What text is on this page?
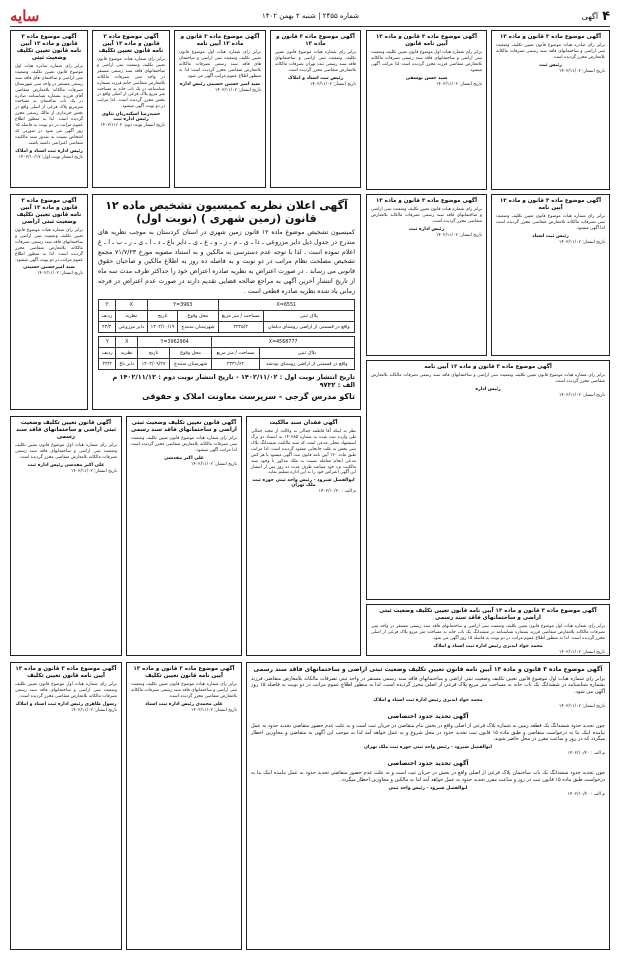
سایه	شماره ۲۴۵۵ | شنبه ۲ بهمن ۱۴۰۲	آگهی ۴
آگهی موضوع ماده ۳ قانون و ماده ۱۳ آیین نامه قانون تعیین تکلیف وضعیت ثبتی

برابر رای شماره صادره هیات اول موضوع قانون تعیین تکلیف وضعیت ثبتی اراضی و ساختمان های فاقد سند رسمی مستقر در واحد ثبتی شهرستان تصرفات مالکانه بلامعارض متقاضی آقای فرزند بشماره شناسنامه صادره در یک باب ساختمان به مساحت مترمربع پلاک فرعی از اصلی واقع در بخش خریداری از مالک رسمی محرز گردیده است. لذا به منظور اطلاع عموم مراتب در دو نوبت به فاصله ۱۵ روز آگهی می شود در صورتی که اشخاص نسبت به صدور سند مالکیت متقاضی اعتراضی داشته باشند.

رئیس اداره ثبت اسناد و املاک
تاریخ انتشار نوبت اول: ۱۴۰۲/۱۰/۱۷
آگهی موضوع ماده ۳ قانون و ماده ۱۳ آیین نامه قانون تعیین تکلیف

برابر رای شماره هیات موضوع قانون تعیین تکلیف وضعیت ثبتی اراضی و ساختمانهای فاقد سند رسمی مستقر در واحد ثبتی تصرفات مالکانه بلامعارض متقاضی خانم فرزند بشماره شناسنامه در یک باب خانه به مساحت متر مربع پلاک فرعی از اصلی واقع در بخش محرز گردیده است. لذا مراتب در دو نوبت آگهی میشود.

حمیدرضا اسکندریان تناوی رئیس اداره ثبت
تاریخ انتشار نوبت دوم: ۱۴۰۲/۱۱/۰۲
آگهی موضوع ماده ۳ قانون و ماده ۱۳ آیین نامه

برابر رای شماره هیات اول موضوع قانون تعیین تکلیف وضعیت ثبتی اراضی و ساختمان های فاقد سند رسمی تصرفات مالکانه بلامعارض متقاضی محرز گردیده است لذا به منظور اطلاع عموم مراتب آگهی می شود.

سید امیر حسین حسینی رئیس اداره
تاریخ انتشار: ۱۴۰۲/۱۱/۰۲
آگهی موضوع ماده ۳ قانون و ماده ۱۳

برابر رای شماره هیات موضوع قانون تعیین تکلیف وضعیت ثبتی اراضی و ساختمانهای فاقد سند رسمی ثبت تهران تصرفات مالکانه بلامعارض متقاضی محرز گردیده است.

رئیس ثبت اسناد و املاک
تاریخ انتشار: ۱۴۰۲/۱۱/۰۲
آگهی موضوع ماده ۳ قانون و ماده ۱۳ آیین نامه قانون

برابر رای شماره هیات اول موضوع قانون تعیین تکلیف وضعیت ثبتی اراضی و ساختمانهای فاقد سند رسمی تصرفات مالکانه بلامعارض متقاضی فرزند محرز گردیده است لذا مراتب آگهی میشود.

سید حسن یوسفی
تاریخ انتشار: ۱۴۰۲/۱۱/۰۲
آگهی موضوع ماده ۳ قانون و ماده ۱۳

برابر رای صادره هیات موضوع قانون تعیین تکلیف وضعیت ثبتی اراضی و ساختمانهای فاقد سند رسمی تصرفات مالکانه بلامعارض محرز گردیده است.

رئیس ثبت
تاریخ انتشار: ۱۴۰۲/۱۱/۰۲
آگهی موضوع ماده ۳ قانون و ماده ۱۳

برابر رای شماره هیات قانون تعیین تکلیف وضعیت ثبتی اراضی و ساختمانهای فاقد سند رسمی تصرفات مالکانه بلامعارض متقاضی محرز گردیده است.

رئیس اداره ثبت
تاریخ انتشار: ۱۴۰۲/۱۱/۰۲
آگهی موضوع ماده ۳ قانون و ماده ۱۳ آیین نامه

برابر رای شماره هیات موضوع قانون تعیین تکلیف وضعیت ثبتی تصرفات مالکانه بلامعارض متقاضی محرز گردیده است لذا آگهی میشود.

رئیس ثبت اسناد
تاریخ انتشار: ۱۴۰۲/۱۱/۰۲
آگهی موضوع ماده ۳ قانون و ماده ۱۳ آیین نامه

برابر رای شماره هیات موضوع قانون تعیین تکلیف وضعیت ثبتی اراضی و ساختمانهای فاقد سند رسمی تصرفات مالکانه بلامعارض متقاضی محرز گردیده است.

رئیس اداره
تاریخ انتشار: ۱۴۰۲/۱۱/۰۲
آگهی موضوع ماده ۳ قانون و ماده ۱۳ آیین نامه قانون تعیین تکلیف وضعیت ثبتی اراضی و ساختمانهای فاقد سند رسمی

برابر رای شماره هیات اول موضوع قانون تعیین تکلیف وضعیت ثبتی اراضی و ساختمانهای فاقد سند رسمی مستقر در واحد ثبتی تصرفات مالکانه بلامعارض متقاضی فرزند بشماره شناسنامه در ششدانگ یک باب خانه به مساحت متر مربع پلاک فرعی از اصلی محرز گردیده است. لذا به منظور اطلاع عموم مراتب در دو نوبت به فاصله ۱۵ روز آگهی می شود.

محمد جواد ابدیری رئیس اداره ثبت اسناد و املاک
تاریخ انتشار: ۱۴۰۲/۱۱/۰۲
آگهی اعلان نظریه کمیسیون تشخیص ماده ۱۲ قانون (زمین شهری ) (نوبت اول)

کمیسیون تشخیص موضوع ماده ۱۲ قانون زمین شهری در استان کردستان به موجب نظریه های مندرج در جدول ذیل دایر مزروعی ـ دا ـ ی ـ م ـ ز ـ و ـ ع ـ ی ـ دایر باغ ـ د ـ ا ـ ی ـ ر ـ ب ـ ا ـ غ اعلام نموده است . لذا با توجه عدم دسترسی به مالکین و به استناد مصوبه مورخ ۷۱/۷/۲۳ مجمع تشخیص مصلحت نظام مراتب در دو نوبت و به فاصله ده روز به اطلاع مالکین و صاحبان حقوق قانونی می رساند . در صورت اعتراض به نظریه صادره اعتراض خود را حداکثر ظرف مدت سه ماه از تاریخ انتشار آخرین آگهی به مراجع صالحه قضایی تقدیم دارند در صورت عدم اعتراض در فرجه زمانی یاد شده نظریه صادره قطعی است .

X=6551		Y=3963		X	Y
پلاک ثبتی	مساحت / متر مربع	محل وقوع	تاریخ	نظریه	ردیف
واقع در قسمتی از اراضی روستای دیلمان	۴۳۲۵/۲	شهرستان سنندج	۱۴۰۲/۱۰/۱۹	دایر مزروعی	۴۳/۴
X=4568777		Y=3962964		X	Y
پلاک ثبتی	مساحت / متر مربع	محل وقوع	تاریخ	نظریه	ردیف
واقع در قسمتی از اراضی روستای نودشه	۲۳۳۱/۶۴	شهرستان سنندج	۱۴۰۲/۰۹/۲۷	دایر باغ	۴۳/۴
تاریخ انتشار نوبت اول : ۱۴۰۲/۱۱/۰۲ - تاریخ انتشار نوبت دوم : ۱۴۰۲/۱۱/۱۲ م الف : ۹۷۳۲
تاکو مدرس گرجی - سرپرست معاونت املاک و حقوقی
آگهی موضوع ماده ۳ قانون و ماده ۱۳ آیین نامه قانون تعیین تکلیف وضعیت ثبتی اراضی

برابر رای شماره هیات موضوع قانون تعیین تکلیف وضعیت ثبتی اراضی و ساختمانهای فاقد سند رسمی تصرفات مالکانه بلامعارض متقاضی محرز گردیده است. لذا به منظور اطلاع عموم مراتب در دو نوبت آگهی میشود.

سید امیرحسین حسینی
تاریخ انتشار: ۱۴۰۲/۱۱/۰۲
آگهی قانون تعیین تکلیف وضعیت ثبتی اراضی و ساختمانهای فاقد سند رسمی

برابر رای شماره هیات اول موضوع قانون تعیین تکلیف وضعیت ثبتی اراضی و ساختمانهای فاقد سند رسمی تصرفات مالکانه بلامعارض متقاضی محرز گردیده است.

علی اکبر مقدسی رئیس اداره ثبت
تاریخ انتشار: ۱۴۰۲/۱۱/۰۲
آگهی قانون تعیین تکلیف وضعیت ثبتی اراضی و ساختمانهای فاقد سند رسمی

برابر رای شماره هیات موضوع قانون تعیین تکلیف وضعیت ثبتی تصرفات مالکانه بلامعارض متقاضی محرز گردیده است لذا مراتب آگهی میشود.

علی اکبر مقدسی
تاریخ انتشار: ۱۴۰۲/۱۱/۰۲
آگهی فقدان سند مالکیت

نظر به اینکه آقا فاطمه جمالی به وکالت از مجید جمالی طی وارده ثبت شده به شماره ۱۴۰۲۸۵ به استناد دو برگ استشهاد محلی مدعی است که سند مالکیت ششدانگ پلاک ثبتی بخش به علت جابجایی مفقود گردیده است. لذا مراتب طبق ماده ۱۲۰ آیین نامه قانون ثبت آگهی میشود تا هر کس مدعی انجام معامله نسبت به ملک مذکور یا وجود سند مالکیت نزد خود میباشد ظرف مدت ده روز پس از انتشار این آگهی اعتراض خود را به این اداره تسلیم نماید.

ابوالفضل شیرود - رئیس واحد ثبتی حوزه ثبت ملک تهران
م الف : ۱۴۰۲/۱۰/۲۰
آگهی موضوع ماده ۳ قانون و ماده ۱۳ آیین نامه قانون تعیین تکلیف

برابر رای شماره هیات اول موضوع قانون تعیین تکلیف وضعیت ثبتی اراضی و ساختمانهای فاقد سند رسمی تصرفات مالکانه بلامعارض متقاضی محرز گردیده است.

رسول ظاهری رئیس اداره ثبت اسناد و املاک
تاریخ انتشار: ۱۴۰۲/۱۱/۰۲
آگهی موضوع ماده ۳ قانون و ماده ۱۳ آیین نامه قانون تعیین تکلیف

برابر رای شماره هیات موضوع قانون تعیین تکلیف وضعیت ثبتی اراضی و ساختمانهای فاقد سند رسمی تصرفات مالکانه بلامعارض متقاضی محرز گردیده است.

علی محمدی رئیس اداره ثبت اسناد
تاریخ انتشار: ۱۴۰۲/۱۱/۰۲
آگهی موضوع ماده ۳ قانون و ماده ۱۳ آیین نامه قانون تعیین تکلیف وضعیت ثبتی اراضی و ساختمانهای فاقد سند رسمی

برابر رای شماره هیات اول موضوع قانون تعیین تکلیف وضعیت ثبتی اراضی و ساختمانهای فاقد سند رسمی مستقر در واحد ثبتی تصرفات مالکانه بلامعارض متقاضی فرزند بشماره شناسنامه در ششدانگ یک باب خانه به مساحت متر مربع پلاک فرعی از اصلی محرز گردیده است. لذا به منظور اطلاع عموم مراتب در دو نوبت به فاصله ۱۵ روز آگهی می شود.

محمد جواد ابدیری رئیس اداره ثبت اسناد و املاک
تاریخ انتشار: ۱۴۰۲/۱۱/۰۲
آگهی تحدید حدود اختصاصی

چون تحدید حدود ششدانگ یک قطعه زمین به شماره پلاک فرعی از اصلی واقع در بخش بنام متقاضی در جریان ثبت است و به علت عدم حضور متقاضی تحدید حدود به عمل نیامده اینک بنا به درخواست متقاضی و طبق ماده ۱۵ قانون ثبت تحدید حدود در محل شروع و به عمل خواهد آمد لذا به موجب این آگهی به متقاضی و مجاورین اخطار میگردد که در روز و ساعت مقرر در محل حاضر شوند.

ابوالفضل شیرود - رئیس واحد ثبتی حوزه ثبت ملک تهران
م الف : ۱۴۰۲/۱۰/۲۰
آگهی تحدید حدود اختصاصی

چون تحدید حدود ششدانگ یک باب ساختمان پلاک فرعی از اصلی واقع در بخش در جریان ثبت است و به علت عدم حضور متقاضی تحدید حدود به عمل نیامده اینک بنا به درخواست طبق ماده ۱۵ قانون ثبت در روز و ساعت مقرر تحدید حدود به عمل خواهد آمد لذا به مالکین و مجاورین اخطار میگردد.

ابوالفضل شیرود - رئیس واحد ثبتی
م الف : ۱۴۰۲/۱۰/۲۰
